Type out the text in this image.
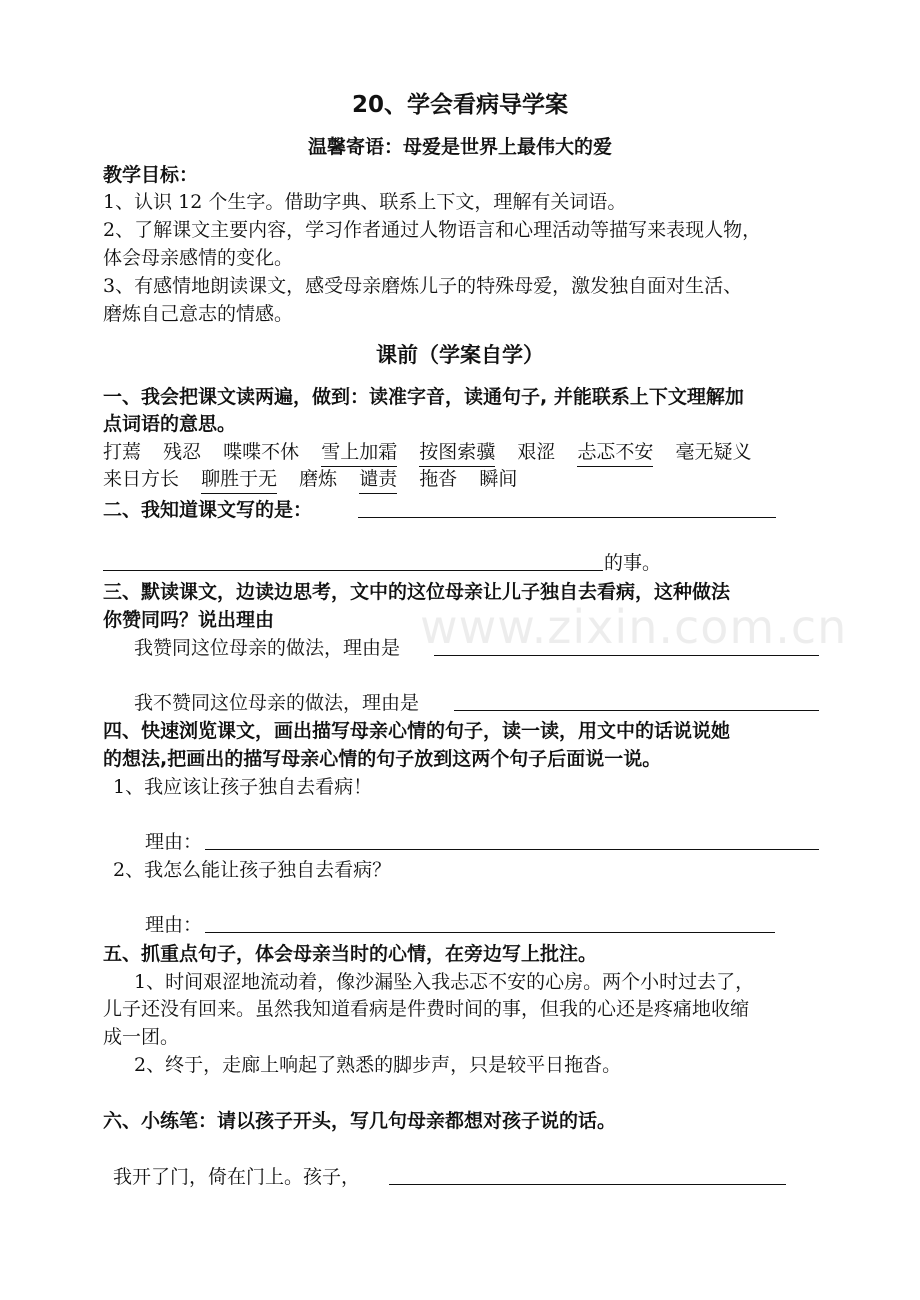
20、学会看病导学案
温馨寄语：母爱是世界上最伟大的爱
教学目标：
1、认识 12 个生字。借助字典、联系上下文，理解有关词语。
2、了解课文主要内容，学习作者通过人物语言和心理活动等描写来表现人物，
体会母亲感情的变化。
3、有感情地朗读课文，感受母亲磨炼儿子的特殊母爱，激发独自面对生活、
磨炼自己意志的情感。
课前（学案自学）
一、我会把课文读两遍，做到：读准字音，读通句子, 并能联系上下文理解加
点词语的意思。
打蔫 残忍 喋喋不休 雪上加霜 按图索骥 艰涩 忐忑不安 毫无疑义
来日方长 聊胜于无 磨炼 谴责 拖沓 瞬间
二、我知道课文写的是：
的事。
三、默读课文，边读边思考，文中的这位母亲让儿子独自去看病，这种做法
你赞同吗？说出理由
我赞同这位母亲的做法，理由是
我不赞同这位母亲的做法，理由是
四、快速浏览课文，画出描写母亲心情的句子，读一读，用文中的话说说她
的想法,把画出的描写母亲心情的句子放到这两个句子后面说一说。
1、我应该让孩子独自去看病！
理由：
2、我怎么能让孩子独自去看病？
理由：
五、抓重点句子，体会母亲当时的心情，在旁边写上批注。
1、时间艰涩地流动着，像沙漏坠入我忐忑不安的心房。两个小时过去了，
儿子还没有回来。虽然我知道看病是件费时间的事，但我的心还是疼痛地收缩
成一团。
2、终于，走廊上响起了熟悉的脚步声，只是较平日拖沓。
六、小练笔：请以孩子开头，写几句母亲都想对孩子说的话。
我开了门，倚在门上。孩子，
www.zixin.com.cn
